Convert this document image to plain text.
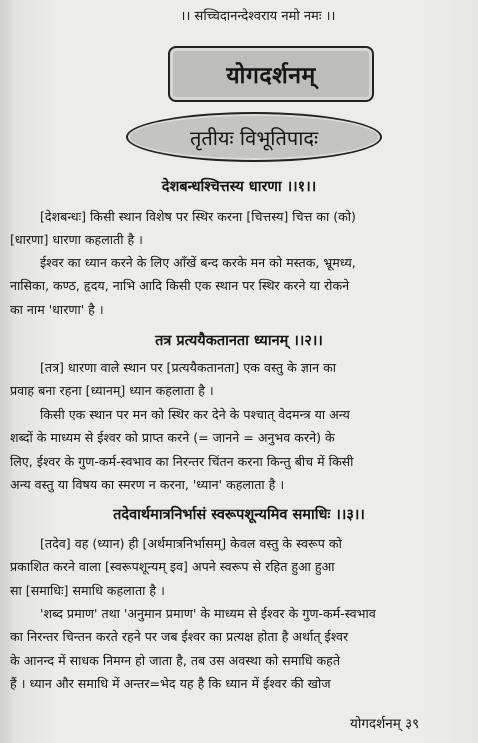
।। सच्चिदानन्देश्वराय नमो नमः ।।
योगदर्शनम्
तृतीयः विभूतिपादः
देशबन्धश्चित्तस्य धारणा ।।१।।
[देशबन्धः] किसी स्थान विशेष पर स्थिर करना [चित्तस्य] चित्त का (को)
[धारणा] धारणा कहलाती है ।
ईश्वर का ध्यान करने के लिए आँखें बन्द करके मन को मस्तक, भ्रूमध्य,
नासिका, कण्ठ, हृदय, नाभि आदि किसी एक स्थान पर स्थिर करने या रोकने
का नाम 'धारणा' है ।
तत्र प्रत्ययैकतानता ध्यानम् ।।२।।
[तत्र] धारणा वाले स्थान पर [प्रत्ययैकतानता] एक वस्तु के ज्ञान का
प्रवाह बना रहना [ध्यानम्] ध्यान कहलाता है ।
किसी एक स्थान पर मन को स्थिर कर देने के पश्चात् वेदमन्त्र या अन्य
शब्दों के माध्यम से ईश्वर को प्राप्त करने (= जानने = अनुभव करने) के
लिए, ईश्वर के गुण-कर्म-स्वभाव का निरन्तर चिंतन करना किन्तु बीच में किसी
अन्य वस्तु या विषय का स्मरण न करना, 'ध्यान' कहलाता है ।
तदेवार्थमात्रनिर्भासं स्वरूपशून्यमिव समाधिः ।।३।।
[तदेव] वह (ध्यान) ही [अर्थमात्रनिर्भासम्] केवल वस्तु के स्वरूप को
प्रकाशित करने वाला [स्वरूपशून्यम् इव] अपने स्वरूप से रहित हुआ हुआ
सा [समाधिः] समाधि कहलाता है ।
'शब्द प्रमाण' तथा 'अनुमान प्रमाण' के माध्यम से ईश्वर के गुण-कर्म-स्वभाव
का निरन्तर चिन्तन करते रहने पर जब ईश्वर का प्रत्यक्ष होता है अर्थात् ईश्वर
के आनन्द में साधक निमग्न हो जाता है, तब उस अवस्था को समाधि कहते
हैं । ध्यान और समाधि में अन्तर=भेद यह है कि ध्यान में ईश्वर की खोज
योगदर्शनम् ३९
